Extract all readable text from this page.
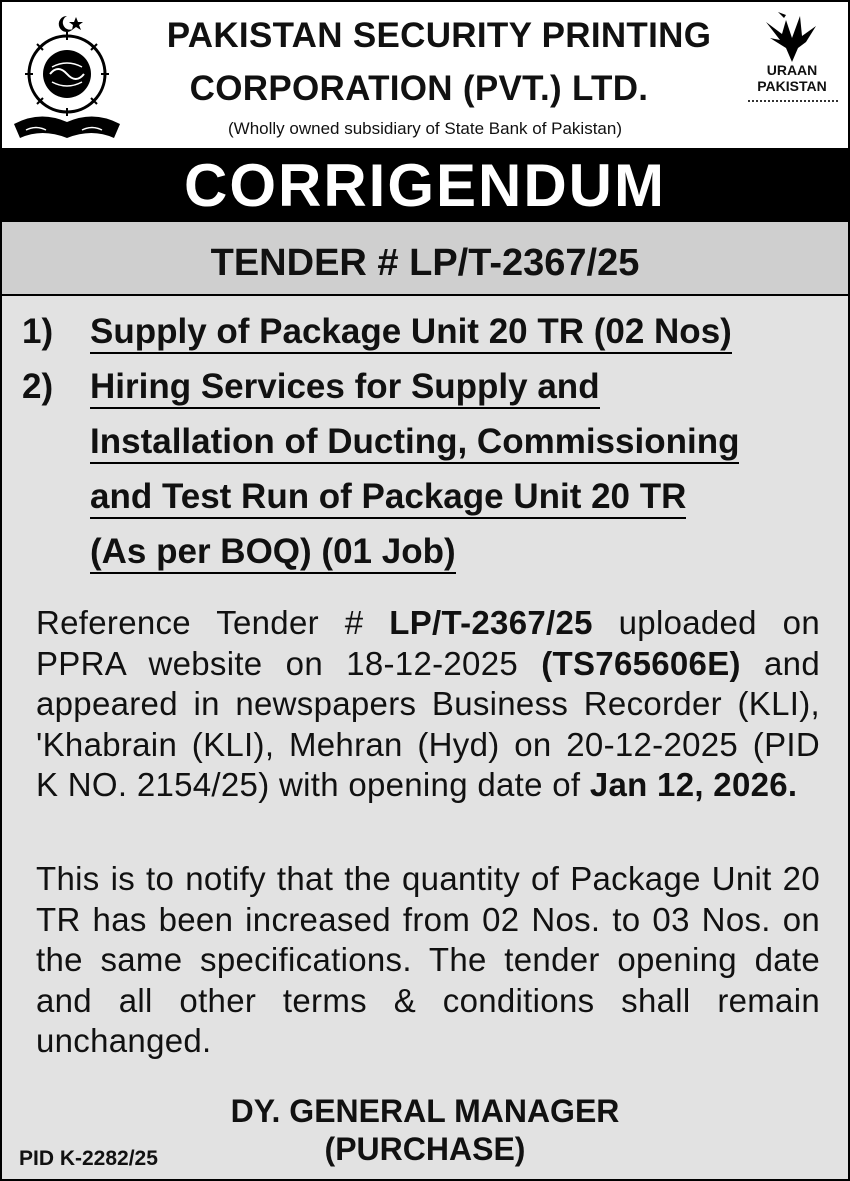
PAKISTAN SECURITY PRINTING
CORPORATION (PVT.) LTD.
(Wholly owned subsidiary of State Bank of Pakistan)
URAAN
PAKISTAN
CORRIGENDUM
TENDER # LP/T-2367/25
1)	Supply of Package Unit 20 TR (02 Nos)
2)	Hiring Services for Supply and
Installation of Ducting, Commissioning
and Test Run of Package Unit 20 TR
(As per BOQ) (01 Job)
Reference Tender # LP/T-2367/25 uploaded on PPRA website on 18-12-2025 (TS765606E) and appeared in newspapers Business Recorder (KLI), 'Khabrain (KLI), Mehran (Hyd) on 20-12-2025 (PID K NO. 2154/25) with opening date of Jan 12, 2026.
This is to notify that the quantity of Package Unit 20 TR has been increased from 02 Nos. to 03 Nos. on the same specifications. The tender opening date and all other terms & conditions shall remain unchanged.
DY. GENERAL MANAGER
(PURCHASE)
PID K-2282/25
